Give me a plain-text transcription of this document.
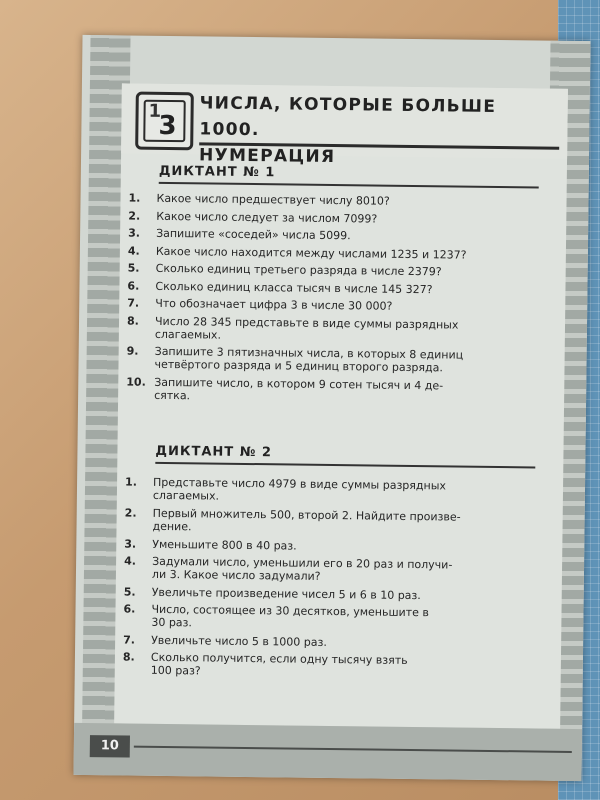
1
3
ЧИСЛА, КОТОРЫЕ БОЛЬШЕ 1000.
НУМЕРАЦИЯ
ДИКТАНТ № 1
1. Какое число предшествует числу 8010?
2. Какое число следует за числом 7099?
3. Запишите «соседей» числа 5099.
4. Какое число находится между числами 1235 и 1237?
5. Сколько единиц третьего разряда в числе 2379?
6. Сколько единиц класса тысяч в числе 145 327?
7. Что обозначает цифра 3 в числе 30 000?
8. Число 28 345 представьте в виде суммы разрядных
слагаемых.
9. Запишите 3 пятизначных числа, в которых 8 единиц
четвёртого разряда и 5 единиц второго разряда.
10. Запишите число, в котором 9 сотен тысяч и 4 де-
сятка.
ДИКТАНТ № 2
1. Представьте число 4979 в виде суммы разрядных
слагаемых.
2. Первый множитель 500, второй 2. Найдите произве-
дение.
3. Уменьшите 800 в 40 раз.
4. Задумали число, уменьшили его в 20 раз и получи-
ли 3. Какое число задумали?
5. Увеличьте произведение чисел 5 и 6 в 10 раз.
6. Число, состоящее из 30 десятков, уменьшите в
30 раз.
7. Увеличьте число 5 в 1000 раз.
8. Сколько получится, если одну тысячу взять
100 раз?
10
